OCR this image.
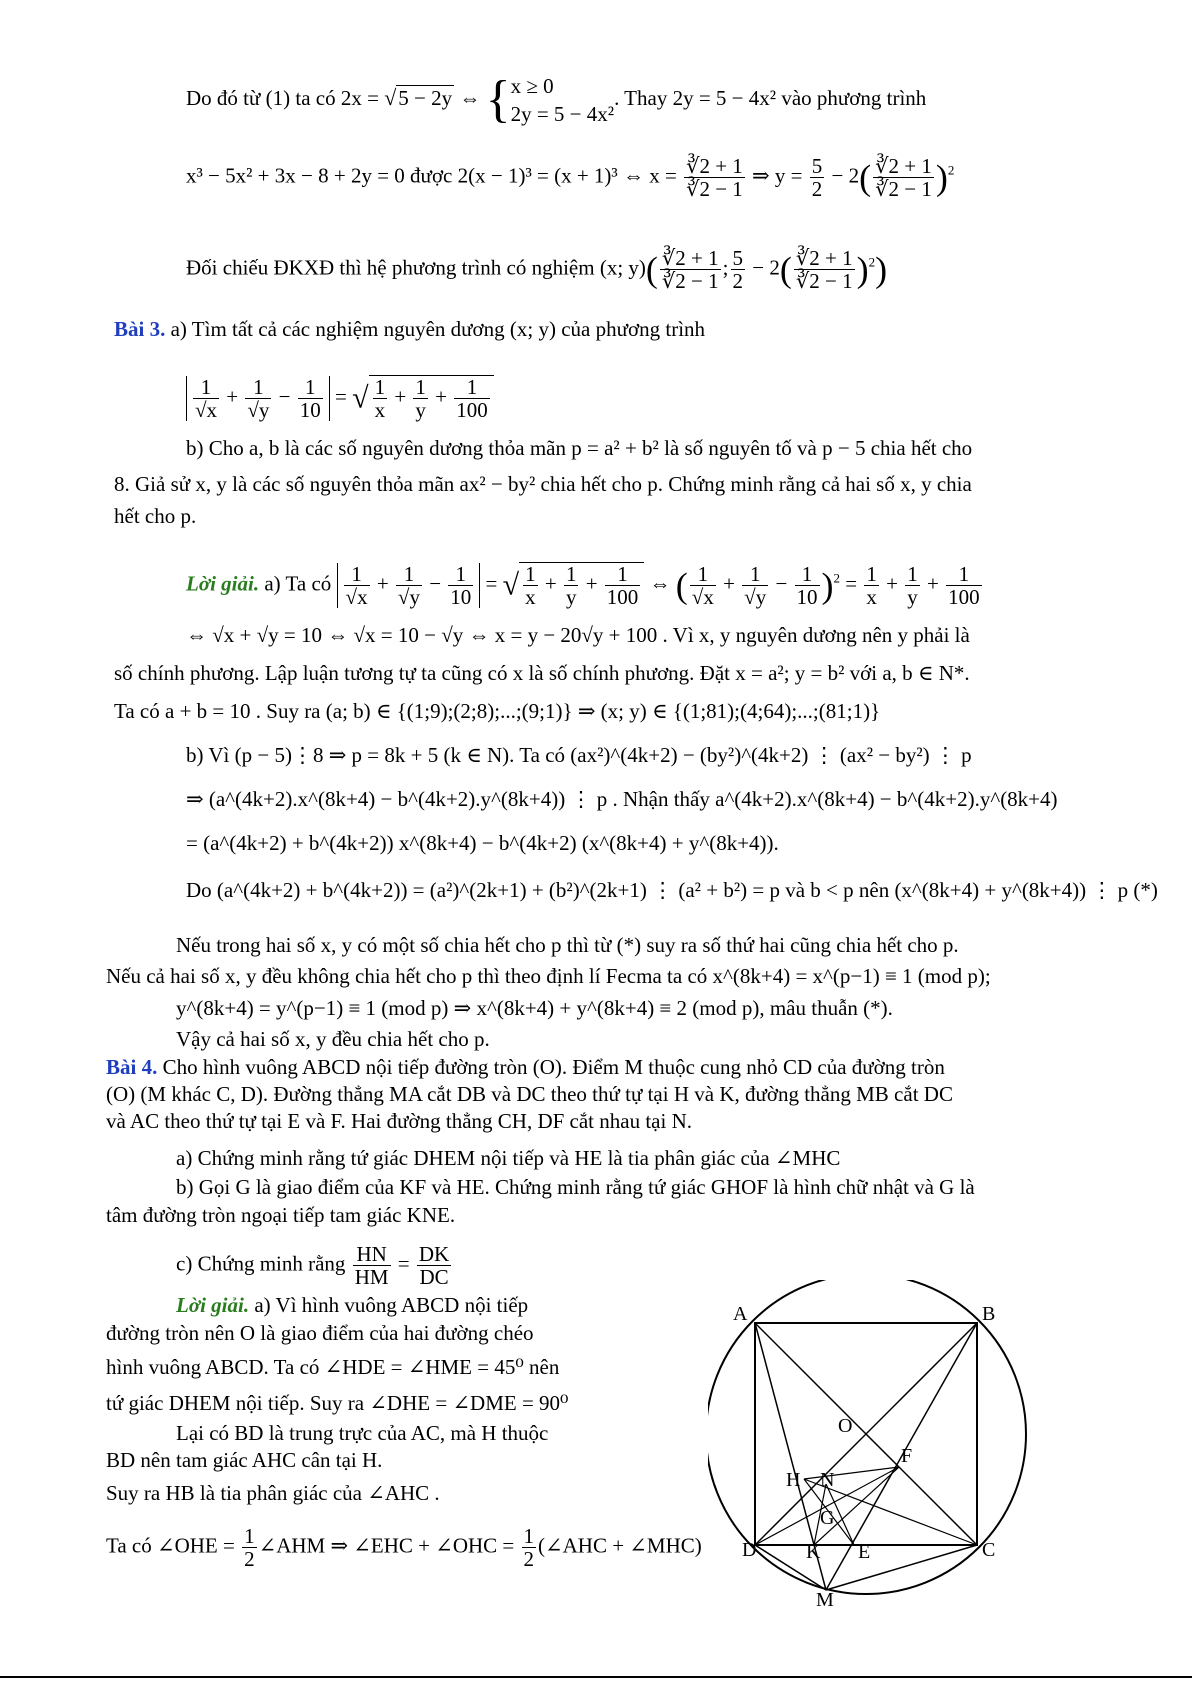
Do đó từ (1) ta có 2x = √5 − 2y ⇔ { x ≥ 0
2y = 5 − 4x²
. Thay 2y = 5 − 4x² vào phương trình
x³ − 5x² + 3x − 8 + 2y = 0 được 2(x − 1)³ = (x + 1)³ ⇔ $x = \frac{∛2 + 1}{∛2 - 1}$ ⇒ $y = \frac{5}{2} - 2( \frac{∛2 + 1}{∛2 - 1} )^2$
Đối chiếu ĐKXĐ thì hệ phương trình có nghiệm (x; $y)( \frac{∛2 + 1}{∛2 - 1}$ ; $\frac{5}{2} - 2( \frac{∛2 + 1}{∛2 - 1} )^2$)
Bài 3. a) Tìm tất cả các nghiệm nguyên dương (x; y) của phương trình
$\frac{1}{√x} + \frac{1}{√y} - \frac{1}{10}$ = √ $\frac{1}{x} + \frac{1}{y} + \frac{1}{100}$
b) Cho a, b là các số nguyên dương thỏa mãn p = a² + b² là số nguyên tố và p − 5 chia hết cho
8. Giả sử x, y là các số nguyên thỏa mãn ax² − by² chia hết cho p. Chứng minh rằng cả hai số x, y chia
hết cho p.
Lời giải. a) Ta có $\frac{1}{√x} + \frac{1}{√y} - \frac{1}{10}$ = √ $\frac{1}{x} + \frac{1}{y} + \frac{1}{100}$ ⇔ ( $\frac{1}{√x} + \frac{1}{√y} - \frac{1}{10} )^2 = \frac{1}{x} + \frac{1}{y} + \frac{1}{100}$
⇔ √x + √y = 10 ⇔ √x = 10 − √y ⇔ x = y − 20√y + 100 . Vì x, y nguyên dương nên y phải là
số chính phương. Lập luận tương tự ta cũng có x là số chính phương. Đặt x = a²; y = b² với a, b ∈ N*.
Ta có a + b = 10 . Suy ra (a; b) ∈ {(1;9);(2;8);...;(9;1)} ⇒ (x; y) ∈ {(1;81);(4;64);...;(81;1)}
b) Vì (p − 5)⋮8 ⇒ p = 8k + 5 (k ∈ N). Ta có (ax²)^(4k+2) − (by²)^(4k+2) ⋮ (ax² − by²) ⋮ p
⇒ (a^(4k+2).x^(8k+4) − b^(4k+2).y^(8k+4)) ⋮ p . Nhận thấy a^(4k+2).x^(8k+4) − b^(4k+2).y^(8k+4)
= (a^(4k+2) + b^(4k+2)) x^(8k+4) − b^(4k+2) (x^(8k+4) + y^(8k+4)).
Do (a^(4k+2) + b^(4k+2)) = (a²)^(2k+1) + (b²)^(2k+1) ⋮ (a² + b²) = p và b < p nên (x^(8k+4) + y^(8k+4)) ⋮ p (*)
Nếu trong hai số x, y có một số chia hết cho p thì từ (*) suy ra số thứ hai cũng chia hết cho p.
Nếu cả hai số x, y đều không chia hết cho p thì theo định lí Fecma ta có x^(8k+4) = x^(p−1) ≡ 1 (mod p);
y^(8k+4) = y^(p−1) ≡ 1 (mod p) ⇒ x^(8k+4) + y^(8k+4) ≡ 2 (mod p), mâu thuẫn (*).
Vậy cả hai số x, y đều chia hết cho p.
Bài 4. Cho hình vuông ABCD nội tiếp đường tròn (O). Điểm M thuộc cung nhỏ CD của đường tròn
(O) (M khác C, D). Đường thẳng MA cắt DB và DC theo thứ tự tại H và K, đường thẳng MB cắt DC
và AC theo thứ tự tại E và F. Hai đường thẳng CH, DF cắt nhau tại N.
a) Chứng minh rằng tứ giác DHEM nội tiếp và HE là tia phân giác của ∠MHC
b) Gọi G là giao điểm của KF và HE. Chứng minh rằng tứ giác GHOF là hình chữ nhật và G là
tâm đường tròn ngoại tiếp tam giác KNE.
c) Chứng minh rằng $\frac{HN}{HM} = \frac{DK}{DC}$
Lời giải. a) Vì hình vuông ABCD nội tiếp
đường tròn nên O là giao điểm của hai đường chéo
hình vuông ABCD. Ta có ∠HDE = ∠HME = 45⁰ nên
tứ giác DHEM nội tiếp. Suy ra ∠DHE = ∠DME = 90⁰
Lại có BD là trung trực của AC, mà H thuộc
BD nên tam giác AHC cân tại H.
Suy ra HB là tia phân giác của ∠AHC .
Ta có ∠OHE = $\frac{1}{2}$ ∠AHM ⇒ ∠EHC + ∠OHC = $\frac{1}{2}$ (∠AHC + ∠MHC)
A	B
C
D
O
F
H N
G
K E
M
